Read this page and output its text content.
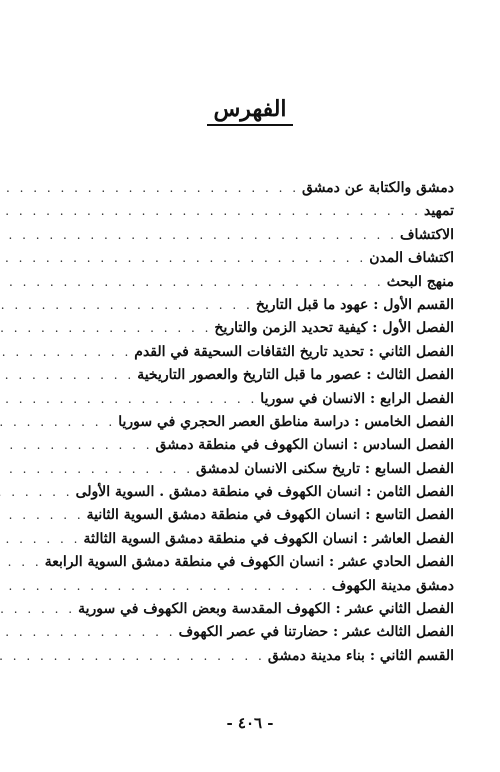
الفهرس
دمشق والكتابة عن دمشق
. . .
تمهيد
. . .
الاكتشاف
. . .
اكتشاف المدن
. . .
منهج البحث
. . .
القسم الأول : عهود ما قبل التاريخ
. . .
الفصل الأول : كيفية تحديد الزمن والتاريخ
. . .
الفصل الثاني : تحديد تاريخ الثقافات السحيقة في القدم
. . .
الفصل الثالث : عصور ما قبل التاريخ والعصور التاريخية
. . .
الفصل الرابع : الانسان في سوريا
. . .
الفصل الخامس : دراسة مناطق العصر الحجري في سوريا
. . .
الفصل السادس : انسان الكهوف في منطقة دمشق
. . .
الفصل السابع : تاريخ سكنى الانسان لدمشق
. . .
الفصل الثامن : انسان الكهوف في منطقة دمشق . السوية الأولى
. . .
الفصل التاسع : انسان الكهوف في منطقة دمشق السوية الثانية
. . .
الفصل العاشر : انسان الكهوف في منطقة دمشق السوية الثالثة
. . .
الفصل الحادي عشر : انسان الكهوف في منطقة دمشق السوية الرابعة
. . .
دمشق مدينة الكهوف
. . .
الفصل الثاني عشر : الكهوف المقدسة وبعض الكهوف في سورية
. . .
الفصل الثالث عشر : حضارتنا في عصر الكهوف
. . .
القسم الثاني : بناء مدينة دمشق
. . .
- ٤٠٦ -
